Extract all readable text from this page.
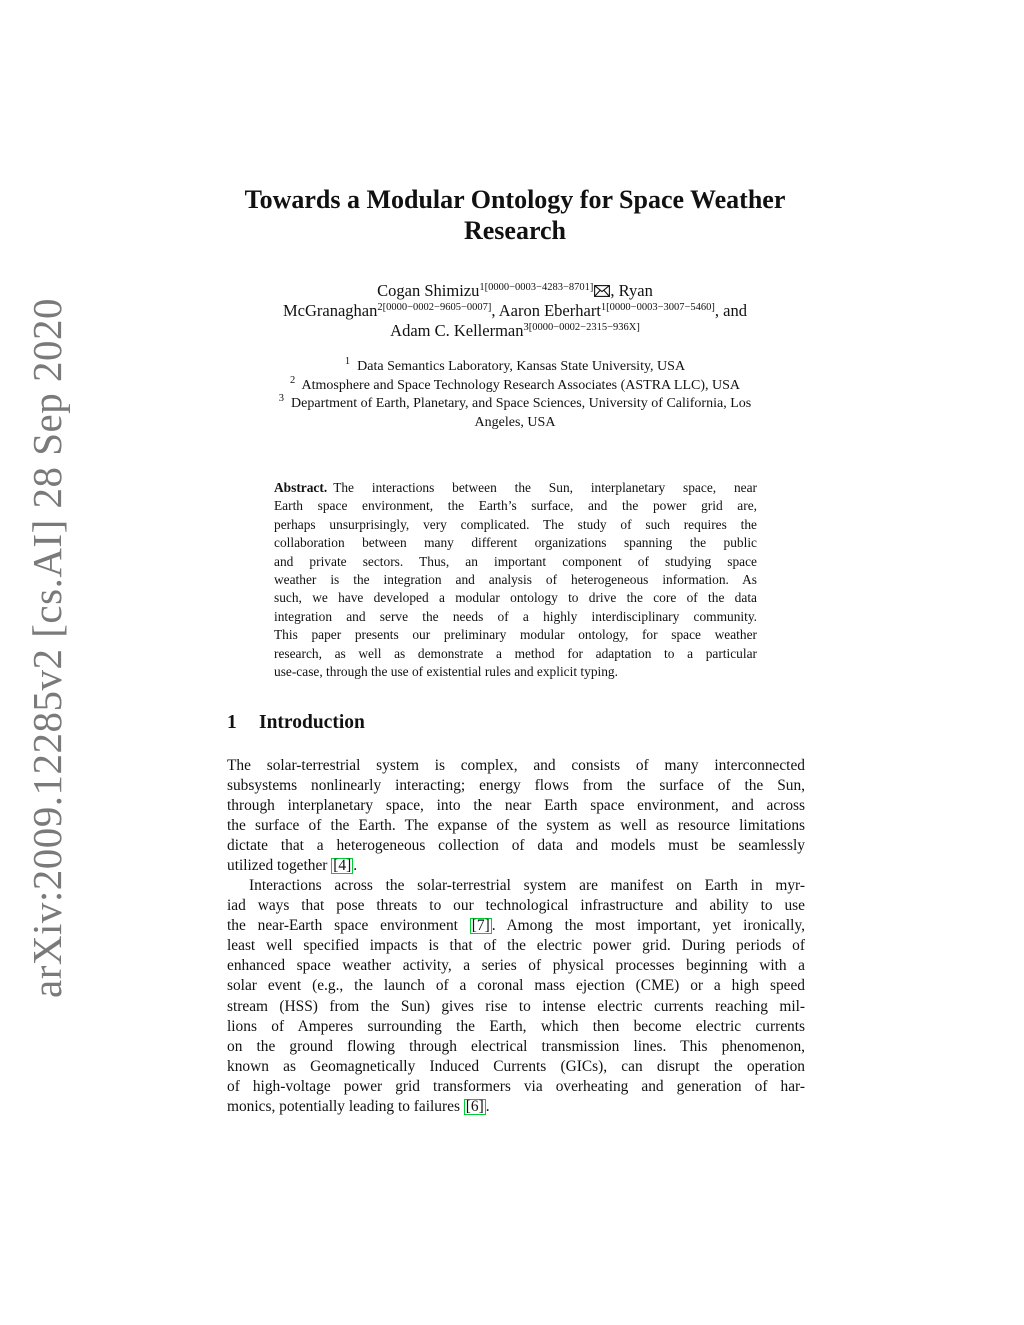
arXiv:2009.12285v2 [cs.AI] 28 Sep 2020
Towards a Modular Ontology for Space Weather
Research
Cogan Shimizu$^{1[0000-0003-4283-8701]}$ , Ryan
McGranaghan$^{2[0000-0002-9605-0007]}$, Aaron Eberhart$^{1[0000-0003-3007-5460]}$, and
Adam C. Kellerman$^{3[0000-0002-2315-936X]}$
$^1$ Data Semantics Laboratory, Kansas State University, USA
$^2$ Atmosphere and Space Technology Research Associates (ASTRA LLC), USA
$^3$ Department of Earth, Planetary, and Space Sciences, University of California, Los
Angeles, USA
Abstract. The interactions between the Sun, interplanetary space, near
Earth space environment, the Earth’s surface, and the power grid are,
perhaps unsurprisingly, very complicated. The study of such requires the
collaboration between many different organizations spanning the public
and private sectors. Thus, an important component of studying space
weather is the integration and analysis of heterogeneous information. As
such, we have developed a modular ontology to drive the core of the data
integration and serve the needs of a highly interdisciplinary community.
This paper presents our preliminary modular ontology, for space weather
research, as well as demonstrate a method for adaptation to a particular
use-case, through the use of existential rules and explicit typing.
1 Introduction
The solar-terrestrial system is complex, and consists of many interconnected
subsystems nonlinearly interacting; energy flows from the surface of the Sun,
through interplanetary space, into the near Earth space environment, and across
the surface of the Earth. The expanse of the system as well as resource limitations
dictate that a heterogeneous collection of data and models must be seamlessly
utilized together [4] .
Interactions across the solar-terrestrial system are manifest on Earth in myr-
iad ways that pose threats to our technological infrastructure and ability to use
the near-Earth space environment [7] . Among the most important, yet ironically,
least well specified impacts is that of the electric power grid. During periods of
enhanced space weather activity, a series of physical processes beginning with a
solar event (e.g., the launch of a coronal mass ejection (CME) or a high speed
stream (HSS) from the Sun) gives rise to intense electric currents reaching mil-
lions of Amperes surrounding the Earth, which then become electric currents
on the ground flowing through electrical transmission lines. This phenomenon,
known as Geomagnetically Induced Currents (GICs), can disrupt the operation
of high-voltage power grid transformers via overheating and generation of har-
monics, potentially leading to failures [6] .
